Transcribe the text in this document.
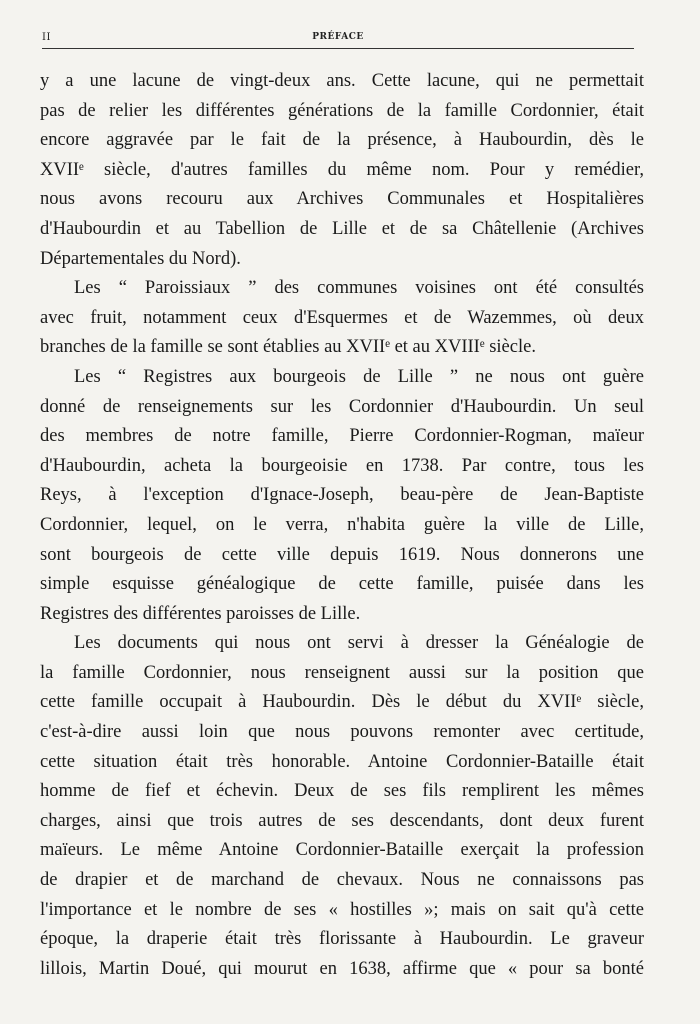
II	PRÉFACE
y a une lacune de vingt-deux ans. Cette lacune, qui ne permettait
pas de relier les différentes générations de la famille Cordonnier, était
encore aggravée par le fait de la présence, à Haubourdin, dès le
XVIIᵉ siècle, d'autres familles du même nom. Pour y remédier,
nous avons recouru aux Archives Communales et Hospitalières
d'Haubourdin et au Tabellion de Lille et de sa Châtellenie (Archives
Départementales du Nord).
Les “ Paroissiaux ” des communes voisines ont été consultés
avec fruit, notamment ceux d'Esquermes et de Wazemmes, où deux
branches de la famille se sont établies au XVIIᵉ et au XVIIIᵉ siècle.
Les “ Registres aux bourgeois de Lille ” ne nous ont guère
donné de renseignements sur les Cordonnier d'Haubourdin. Un seul
des membres de notre famille, Pierre Cordonnier-Rogman, maïeur
d'Haubourdin, acheta la bourgeoisie en 1738. Par contre, tous les
Reys, à l'exception d'Ignace-Joseph, beau-père de Jean-Baptiste
Cordonnier, lequel, on le verra, n'habita guère la ville de Lille,
sont bourgeois de cette ville depuis 1619. Nous donnerons une
simple esquisse généalogique de cette famille, puisée dans les
Registres des différentes paroisses de Lille.
Les documents qui nous ont servi à dresser la Généalogie de
la famille Cordonnier, nous renseignent aussi sur la position que
cette famille occupait à Haubourdin. Dès le début du XVIIᵉ siècle,
c'est-à-dire aussi loin que nous pouvons remonter avec certitude,
cette situation était très honorable. Antoine Cordonnier-Bataille était
homme de fief et échevin. Deux de ses fils remplirent les mêmes
charges, ainsi que trois autres de ses descendants, dont deux furent
maïeurs. Le même Antoine Cordonnier-Bataille exerçait la profession
de drapier et de marchand de chevaux. Nous ne connaissons pas
l'importance et le nombre de ses « hostilles »; mais on sait qu'à cette
époque, la draperie était très florissante à Haubourdin. Le graveur
lillois, Martin Doué, qui mourut en 1638, affirme que « pour sa bonté
